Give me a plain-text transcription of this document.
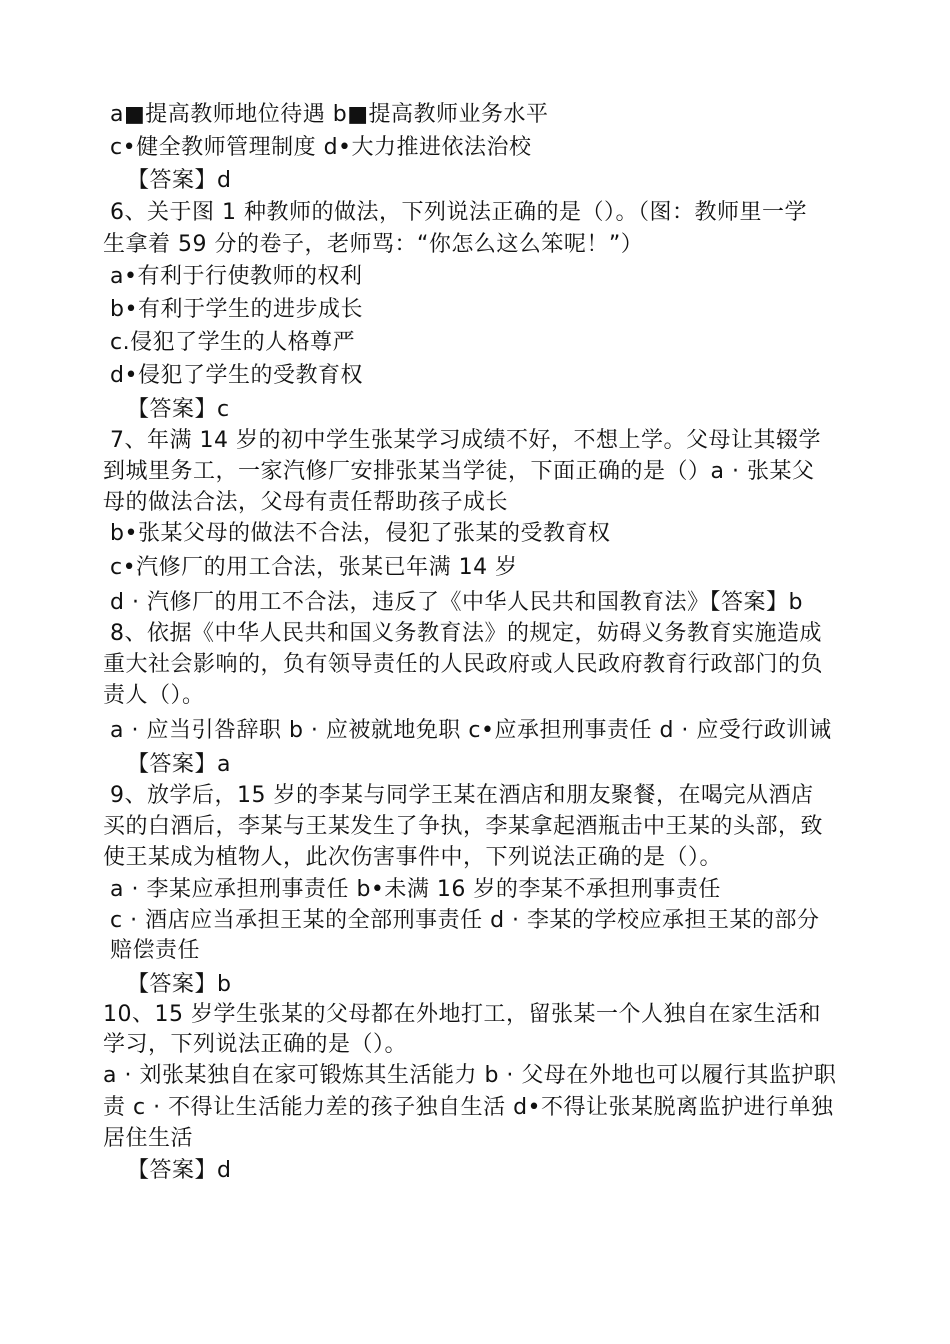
a■提高教师地位待遇 b■提高教师业务水平
c•健全教师管理制度 d•大力推进依法治校
【答案】d
6、关于图 1 种教师的做法，下列说法正确的是（）。（图：教师里一学
生拿着 59 分的卷子，老师骂：“你怎么这么笨呢！”）
a•有利于行使教师的权利
b•有利于学生的进步成长
c.侵犯了学生的人格尊严
d•侵犯了学生的受教育权
【答案】c
7、年满 14 岁的初中学生张某学习成绩不好，不想上学。父母让其辍学
到城里务工，一家汽修厂安排张某当学徒，下面正确的是（）a · 张某父
母的做法合法，父母有责任帮助孩子成长
b•张某父母的做法不合法，侵犯了张某的受教育权
c•汽修厂的用工合法，张某已年满 14 岁
d · 汽修厂的用工不合法，违反了《中华人民共和国教育法》【答案】b
8、依据《中华人民共和国义务教育法》的规定，妨碍义务教育实施造成
重大社会影响的，负有领导责任的人民政府或人民政府教育行政部门的负
责人（）。
a · 应当引咎辞职 b · 应被就地免职 c•应承担刑事责任 d · 应受行政训诫
【答案】a
9、放学后，15 岁的李某与同学王某在酒店和朋友聚餐，在喝完从酒店
买的白酒后，李某与王某发生了争执，李某拿起酒瓶击中王某的头部，致
使王某成为植物人，此次伤害事件中，下列说法正确的是（）。
a · 李某应承担刑事责任 b•未满 16 岁的李某不承担刑事责任
c · 酒店应当承担王某的全部刑事责任 d · 李某的学校应承担王某的部分
赔偿责任
【答案】b
10、15 岁学生张某的父母都在外地打工，留张某一个人独自在家生活和
学习，下列说法正确的是（）。
a · 刘张某独自在家可锻炼其生活能力 b · 父母在外地也可以履行其监护职
责 c · 不得让生活能力差的孩子独自生活 d•不得让张某脱离监护进行单独
居住生活
【答案】d
